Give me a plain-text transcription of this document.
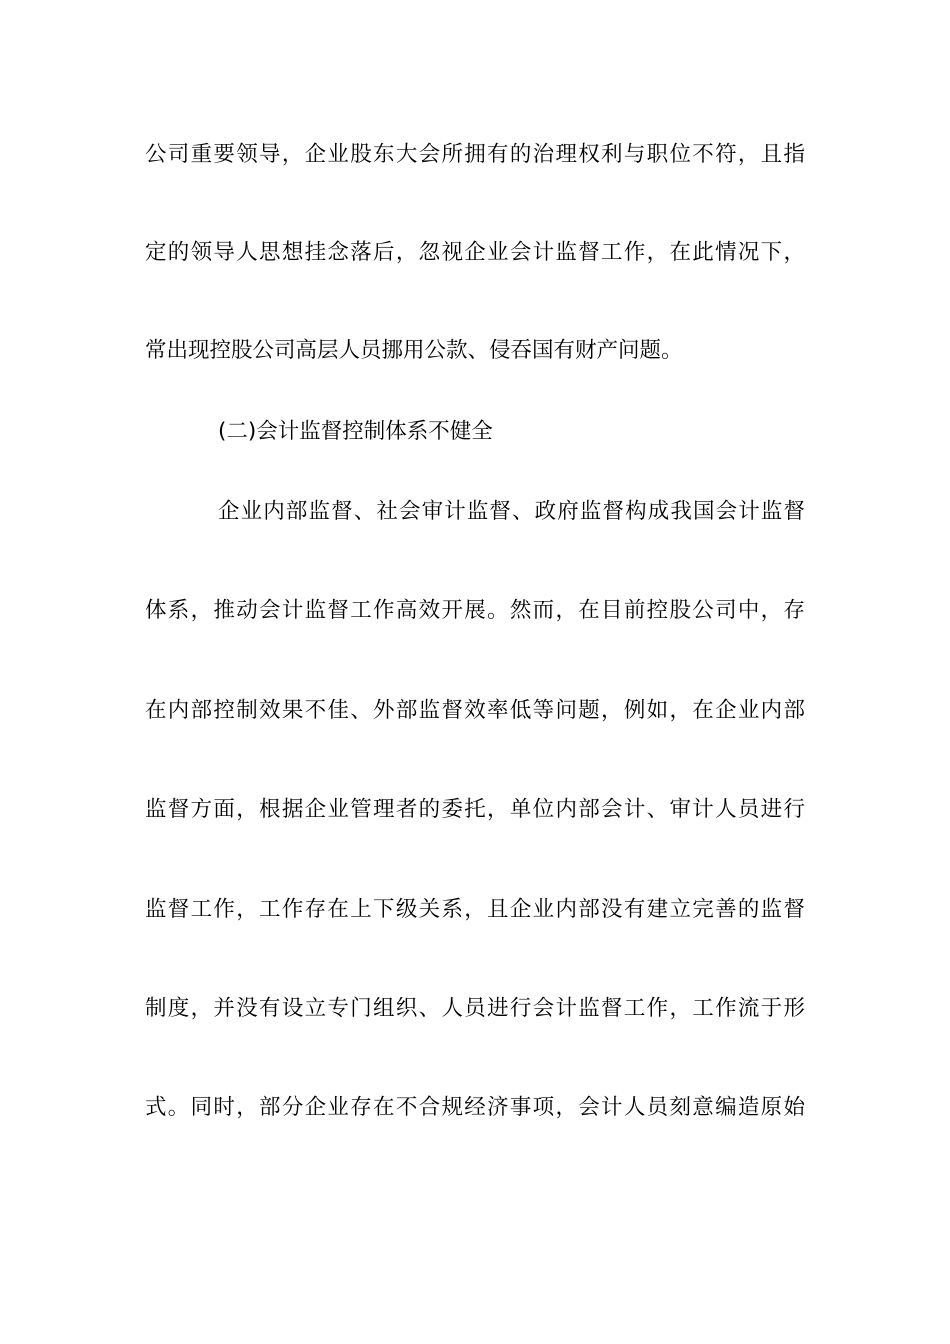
公司重要领导，企业股东大会所拥有的治理权利与职位不符，且指
定的领导人思想挂念落后，忽视企业会计监督工作，在此情况下，
常出现控股公司高层人员挪用公款、侵吞国有财产问题。
(二)会计监督控制体系不健全
企业内部监督、社会审计监督、政府监督构成我国会计监督
体系，推动会计监督工作高效开展。然而，在目前控股公司中，存
在内部控制效果不佳、外部监督效率低等问题，例如，在企业内部
监督方面，根据企业管理者的委托，单位内部会计、审计人员进行
监督工作，工作存在上下级关系，且企业内部没有建立完善的监督
制度，并没有设立专门组织、人员进行会计监督工作，工作流于形
式。同时，部分企业存在不合规经济事项，会计人员刻意编造原始
